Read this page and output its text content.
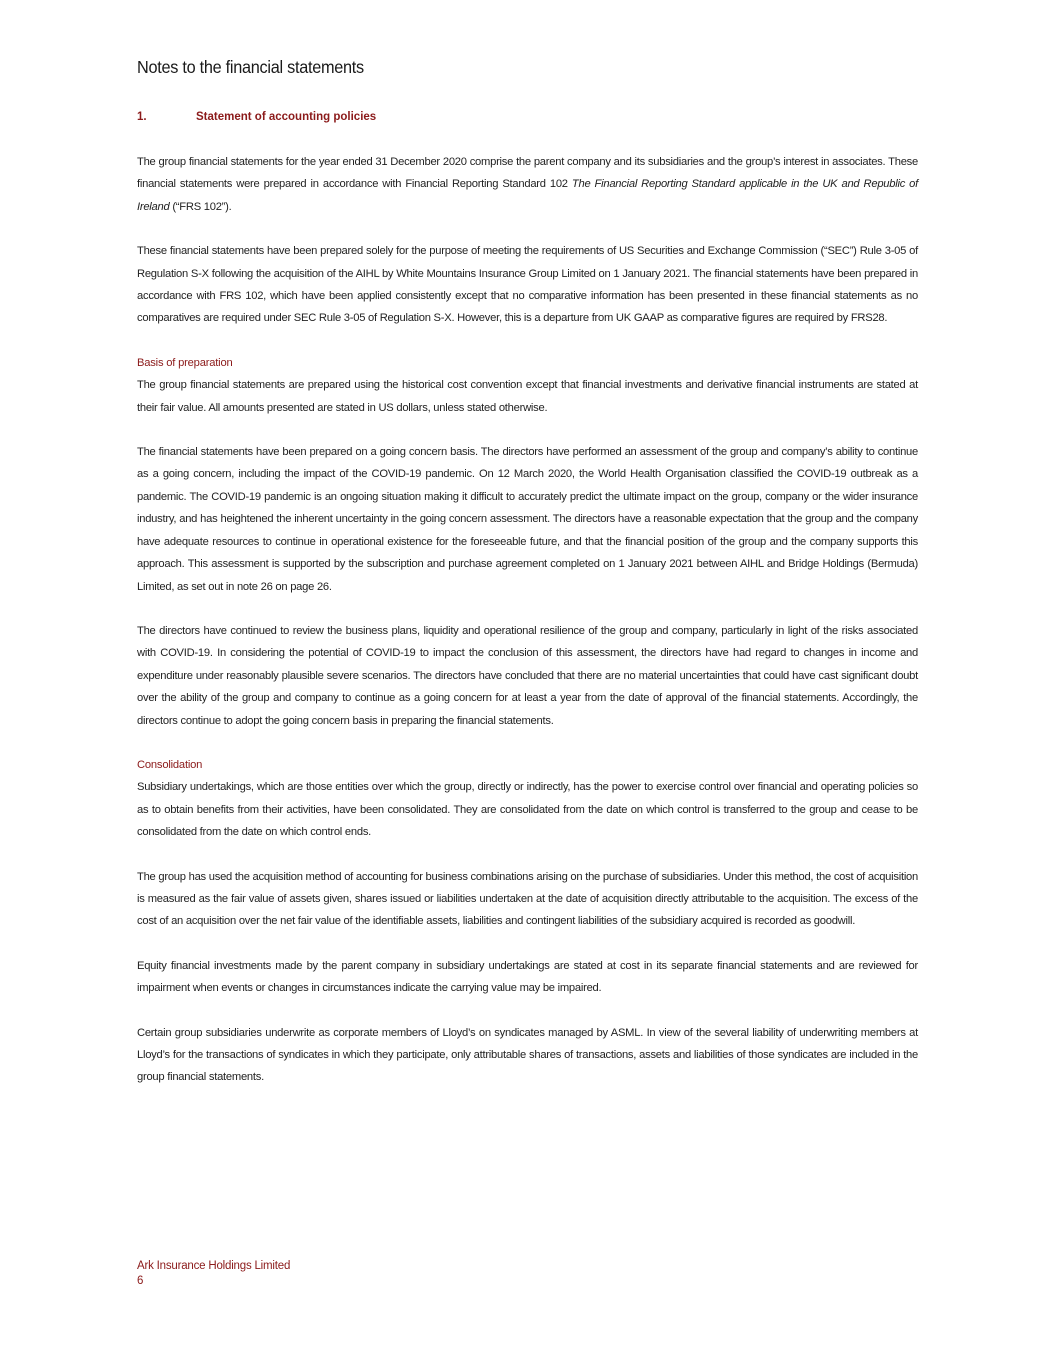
Notes to the financial statements
1.	Statement of accounting policies

The group financial statements for the year ended 31 December 2020 comprise the parent company and its subsidiaries and the group’s interest in associates. These financial statements were prepared in accordance with Financial Reporting Standard 102 The Financial Reporting Standard applicable in the UK and Republic of Ireland (“FRS 102”).

These financial statements have been prepared solely for the purpose of meeting the requirements of US Securities and Exchange Commission (“SEC”) Rule 3-05 of Regulation S-X following the acquisition of the AIHL by White Mountains Insurance Group Limited on 1 January 2021. The financial statements have been prepared in accordance with FRS 102, which have been applied consistently except that no comparative information has been presented in these financial statements as no comparatives are required under SEC Rule 3-05 of Regulation S-X. However, this is a departure from UK GAAP as comparative figures are required by FRS28.

Basis of preparation

The group financial statements are prepared using the historical cost convention except that financial investments and derivative financial instruments are stated at their fair value. All amounts presented are stated in US dollars, unless stated otherwise.

The financial statements have been prepared on a going concern basis. The directors have performed an assessment of the group and company’s ability to continue as a going concern, including the impact of the COVID-19 pandemic. On 12 March 2020, the World Health Organisation classified the COVID-19 outbreak as a pandemic. The COVID-19 pandemic is an ongoing situation making it difficult to accurately predict the ultimate impact on the group, company or the wider insurance industry, and has heightened the inherent uncertainty in the going concern assessment. The directors have a reasonable expectation that the group and the company have adequate resources to continue in operational existence for the foreseeable future, and that the financial position of the group and the company supports this approach. This assessment is supported by the subscription and purchase agreement completed on 1 January 2021 between AIHL and Bridge Holdings (Bermuda) Limited, as set out in note 26 on page 26.

The directors have continued to review the business plans, liquidity and operational resilience of the group and company, particularly in light of the risks associated with COVID-19. In considering the potential of COVID-19 to impact the conclusion of this assessment, the directors have had regard to changes in income and expenditure under reasonably plausible severe scenarios. The directors have concluded that there are no material uncertainties that could have cast significant doubt over the ability of the group and company to continue as a going concern for at least a year from the date of approval of the financial statements. Accordingly, the directors continue to adopt the going concern basis in preparing the financial statements.

Consolidation

Subsidiary undertakings, which are those entities over which the group, directly or indirectly, has the power to exercise control over financial and operating policies so as to obtain benefits from their activities, have been consolidated. They are consolidated from the date on which control is transferred to the group and cease to be consolidated from the date on which control ends.

The group has used the acquisition method of accounting for business combinations arising on the purchase of subsidiaries. Under this method, the cost of acquisition is measured as the fair value of assets given, shares issued or liabilities undertaken at the date of acquisition directly attributable to the acquisition. The excess of the cost of an acquisition over the net fair value of the identifiable assets, liabilities and contingent liabilities of the subsidiary acquired is recorded as goodwill.

Equity financial investments made by the parent company in subsidiary undertakings are stated at cost in its separate financial statements and are reviewed for impairment when events or changes in circumstances indicate the carrying value may be impaired.

Certain group subsidiaries underwrite as corporate members of Lloyd’s on syndicates managed by ASML. In view of the several liability of underwriting members at Lloyd’s for the transactions of syndicates in which they participate, only attributable shares of transactions, assets and liabilities of those syndicates are included in the group financial statements.

Ark Insurance Holdings Limited
6
